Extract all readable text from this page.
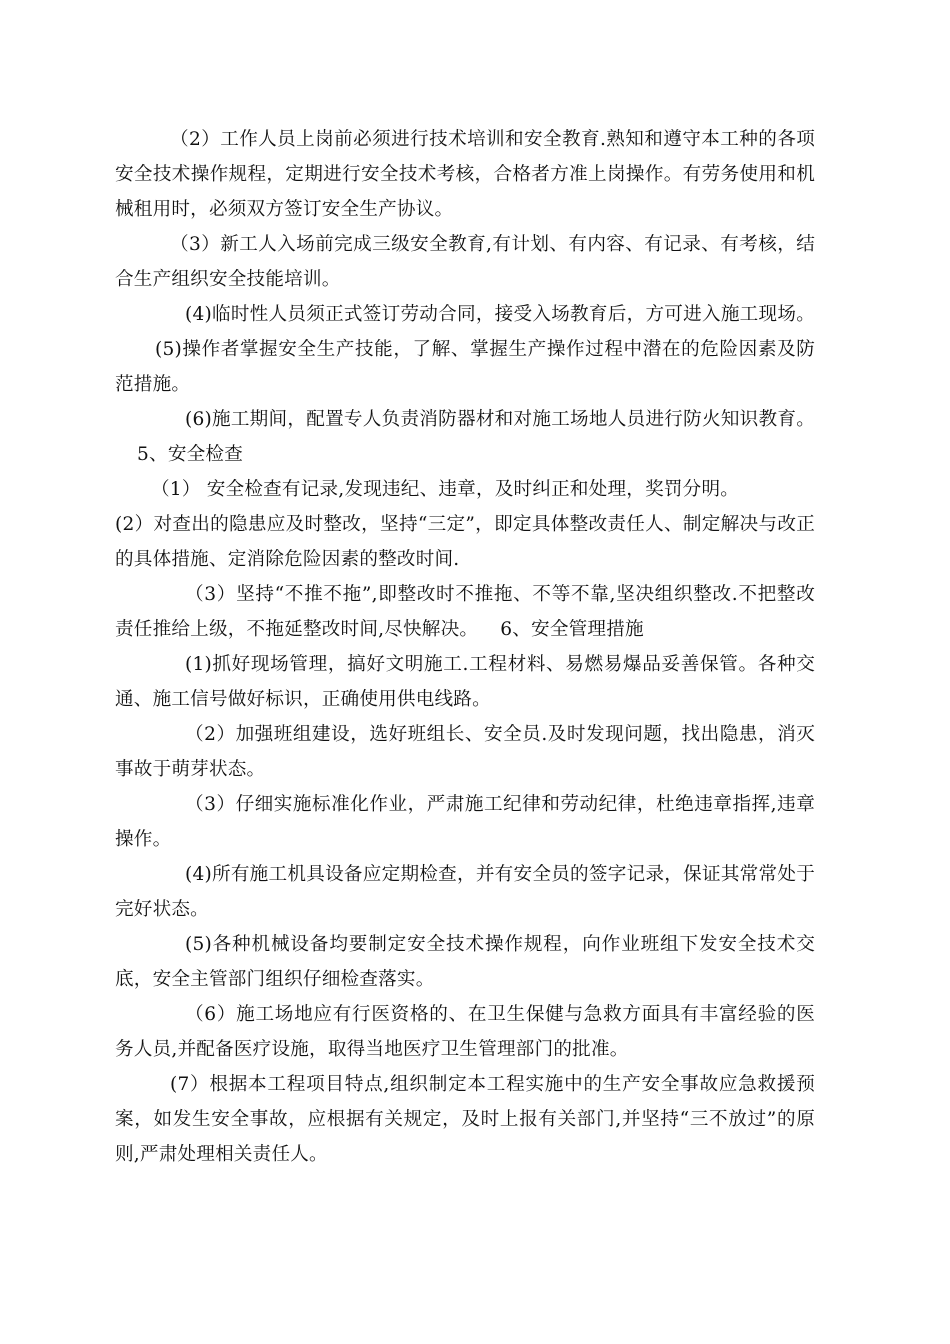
（2）工作人员上岗前必须进行技术培训和安全教育.熟知和遵守本工种的各项安全技术操作规程，定期进行安全技术考核，合格者方准上岗操作。有劳务使用和机械租用时，必须双方签订安全生产协议。

（3）新工人入场前完成三级安全教育,有计划、有内容、有记录、有考核，结合生产组织安全技能培训。

(4)临时性人员须正式签订劳动合同，接受入场教育后，方可进入施工现场。(5)操作者掌握安全生产技能，了解、掌握生产操作过程中潜在的危险因素及防范措施。

(6)施工期间，配置专人负责消防器材和对施工场地人员进行防火知识教育。5、安全检查

（1） 安全检查有记录,发现违纪、违章，及时纠正和处理，奖罚分明。

(2）对查出的隐患应及时整改，坚持“三定”，即定具体整改责任人、制定解决与改正的具体措施、定消除危险因素的整改时间.

（3）坚持“不推不拖”,即整改时不推拖、不等不靠,坚决组织整改.不把整改责任推给上级，不拖延整改时间,尽快解决。 6、安全管理措施

(1)抓好现场管理，搞好文明施工.工程材料、易燃易爆品妥善保管。各种交通、施工信号做好标识，正确使用供电线路。

（2）加强班组建设，选好班组长、安全员.及时发现问题，找出隐患，消灭事故于萌芽状态。

（3）仔细实施标准化作业，严肃施工纪律和劳动纪律，杜绝违章指挥,违章操作。

(4)所有施工机具设备应定期检查，并有安全员的签字记录，保证其常常处于完好状态。

(5)各种机械设备均要制定安全技术操作规程，向作业班组下发安全技术交底，安全主管部门组织仔细检查落实。

（6）施工场地应有行医资格的、在卫生保健与急救方面具有丰富经验的医务人员,并配备医疗设施，取得当地医疗卫生管理部门的批准。

(7）根据本工程项目特点,组织制定本工程实施中的生产安全事故应急救援预案，如发生安全事故，应根据有关规定，及时上报有关部门,并坚持“三不放过”的原则,严肃处理相关责任人。
